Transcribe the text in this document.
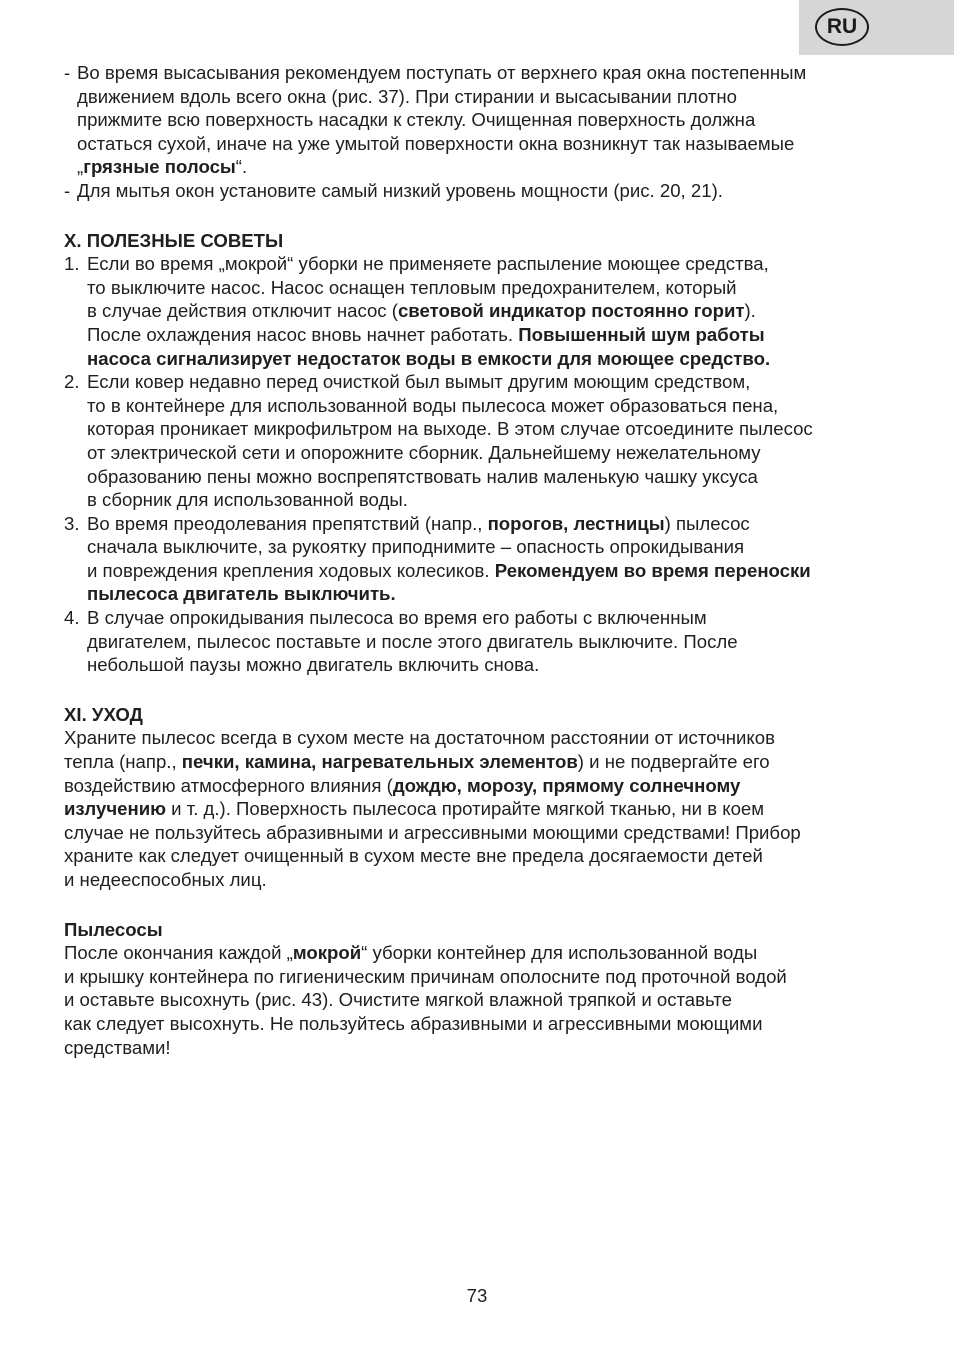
RU
- Во время высасывания рекомендуем поступать от верхнего края окна постепенным
движением вдоль всего окна (рис. 37). При стирании и высасывании плотно
прижмите всю поверхность насадки к стеклу. Очищенная поверхность должна
остаться сухой, иначе на уже умытой поверхности окна возникнут так называемые
„грязные полосы“.
- Для мытья окон установите самый низкий уровень мощности (рис. 20, 21).
X. ПОЛЕЗНЫЕ СОВЕТЫ
1. Если во время „мокрой“ уборки не применяете распыление моющее средства,
то выключите насос. Насос оснащен тепловым предохранителем, который
в случае действия отключит насос (световой индикатор постоянно горит).
После охлаждения насос вновь начнет работать. Повышенный шум работы
насоса сигнализирует недостаток воды в емкости для моющее средство.
2. Если ковер недавно перед очисткой был вымыт другим моющим средством,
то в контейнере для использованной воды пылесоса может образоваться пена,
которая проникает микрофильтром на выходе. В этом случае отсоедините пылесос
от электрической сети и опорожните сборник. Дальнейшему нежелательному
образованию пены можно воспрепятствовать налив маленькую чашку уксуса
в сборник для использованной воды.
3. Во время преодолевания препятствий (напр., порогов, лестницы) пылесос
сначала выключите, за рукоятку приподнимите – опасность опрокидывания
и повреждения крепления ходовых колесиков. Рекомендуем во время переноски
пылесоса двигатель выключить.
4. В случае опрокидывания пылесоса во время его работы с включенным
двигателем, пылесос поставьте и после этого двигатель выключите. После
небольшой паузы можно двигатель включить снова.
XI. УХОД
Храните пылесос всегда в сухом месте на достаточном расстоянии от источников
тепла (напр., печки, камина, нагревательных элементов) и не подвергайте его
воздействию атмосферного влияния (дождю, морозу, прямому солнечному
излучению и т. д.). Поверхность пылесоса протирайте мягкой тканью, ни в коем
случае не пользуйтесь абразивными и агрессивными моющими средствами! Прибор
храните как следует очищенный в сухом месте вне предела досягаемости детей
и недееспособных лиц.
Пылесосы
После окончания каждой „мокрой“ уборки контейнер для использованной воды
и крышку контейнера по гигиеническим причинам ополосните под проточной водой
и оставьте высохнуть (рис. 43). Очистите мягкой влажной тряпкой и оставьте
как следует высохнуть. Не пользуйтесь абразивными и агрессивными моющими
средствами!
73
